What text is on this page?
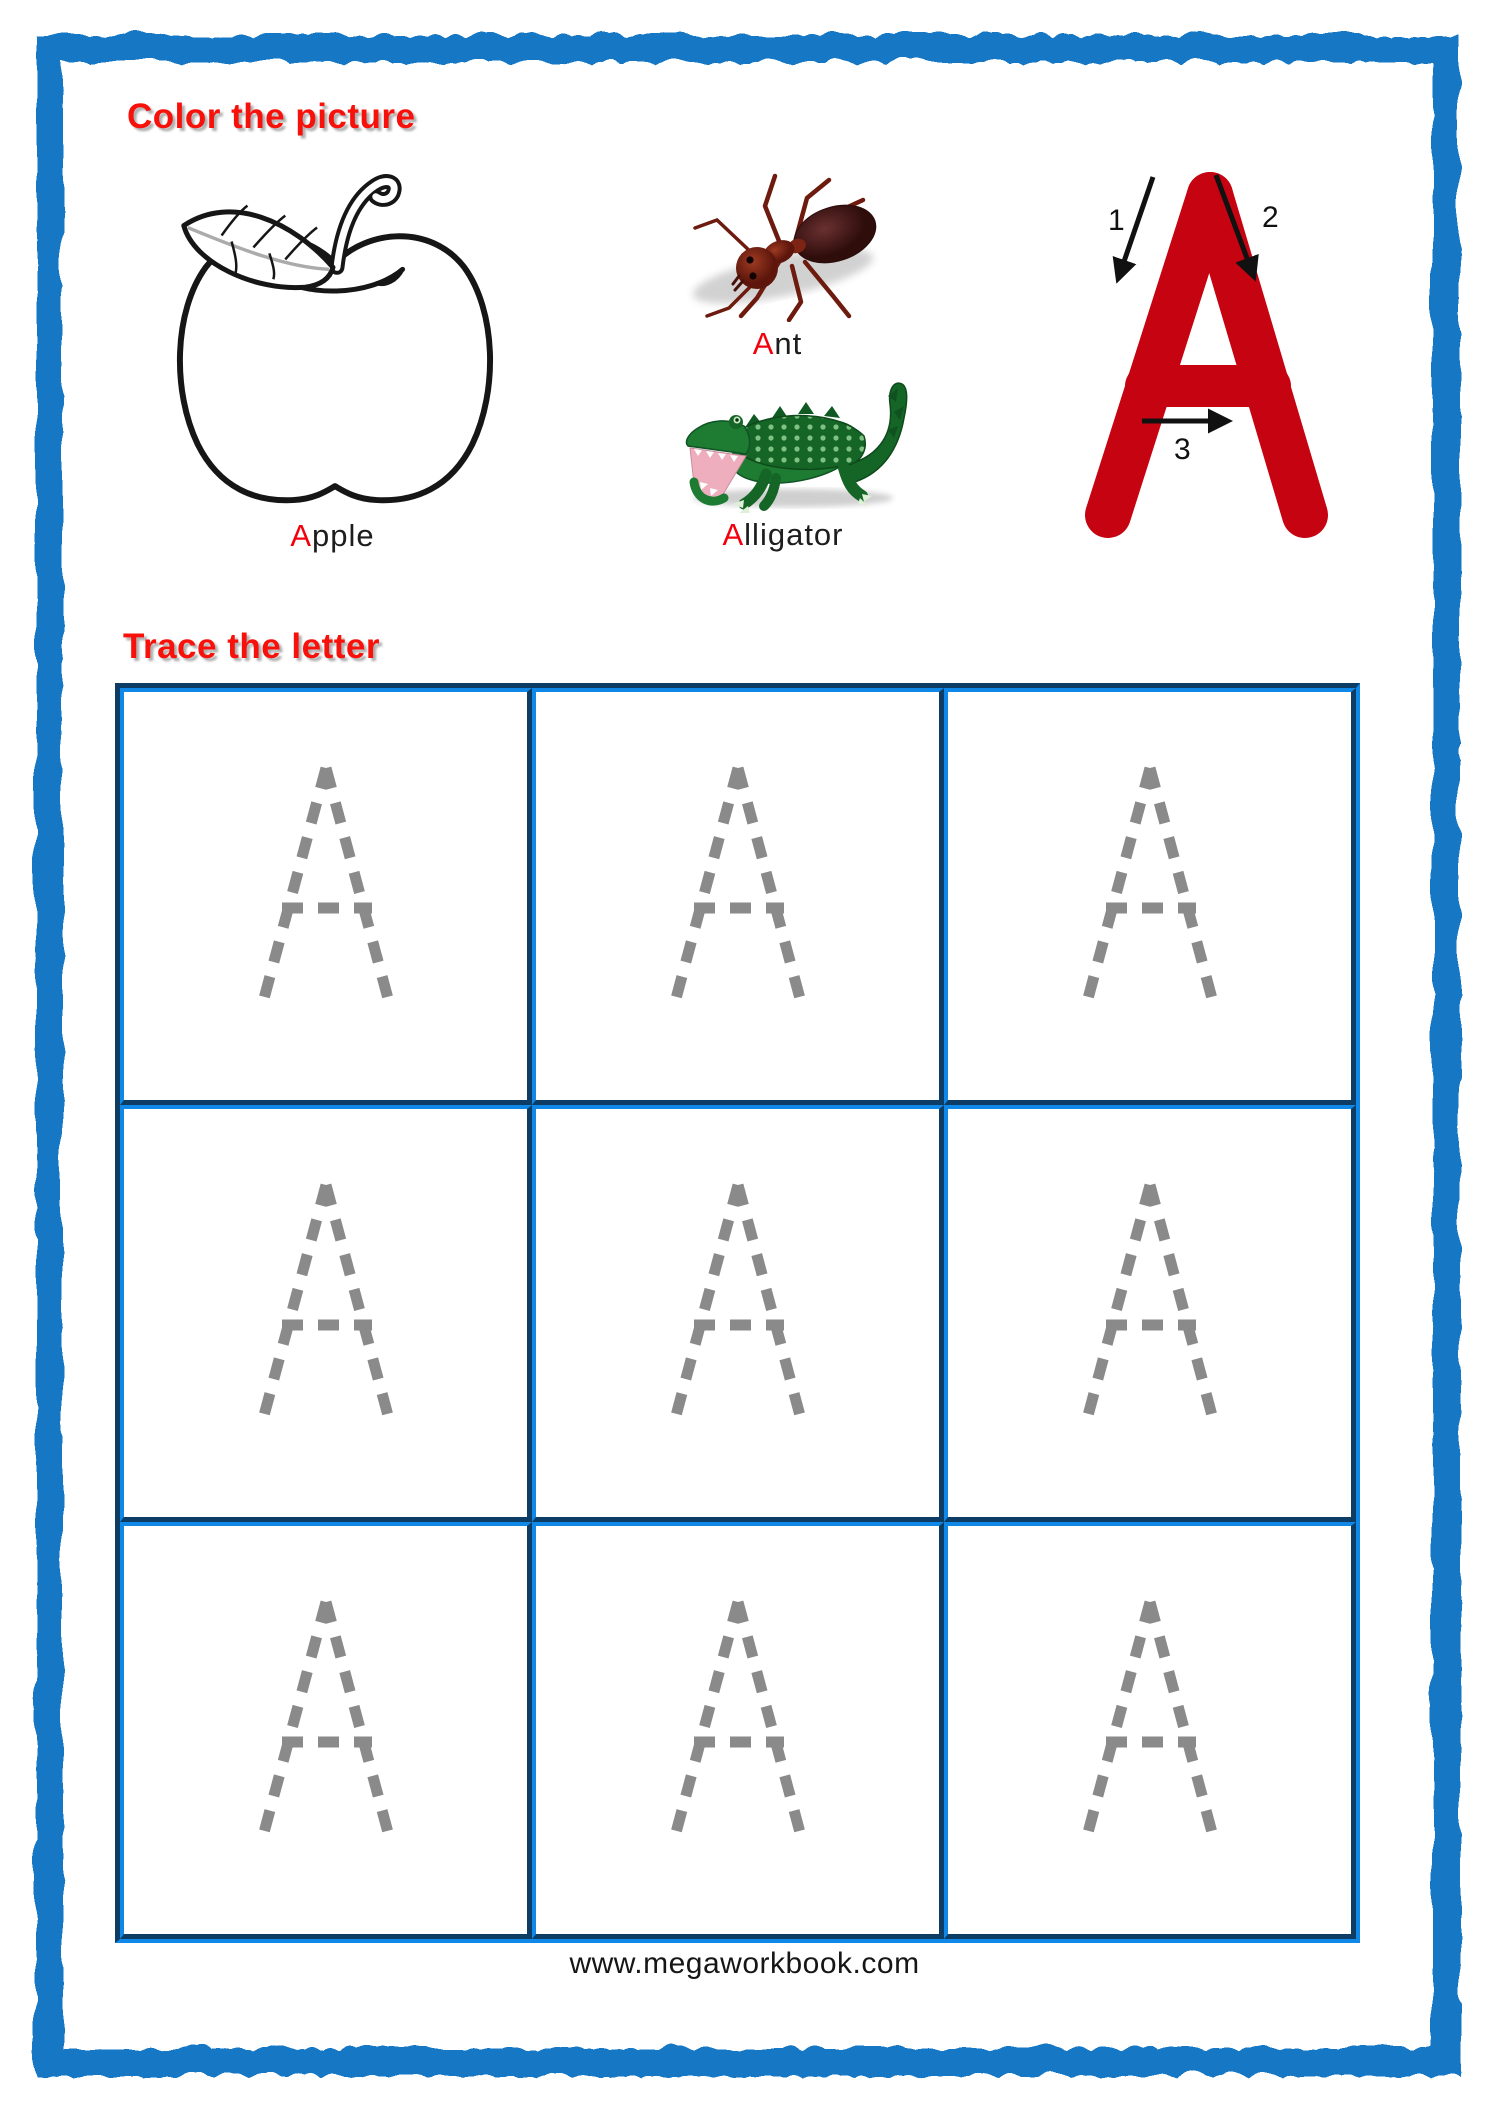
Color the picture
Trace the letter
Apple
Ant
Alligator
1	2
3
www.megaworkbook.com
